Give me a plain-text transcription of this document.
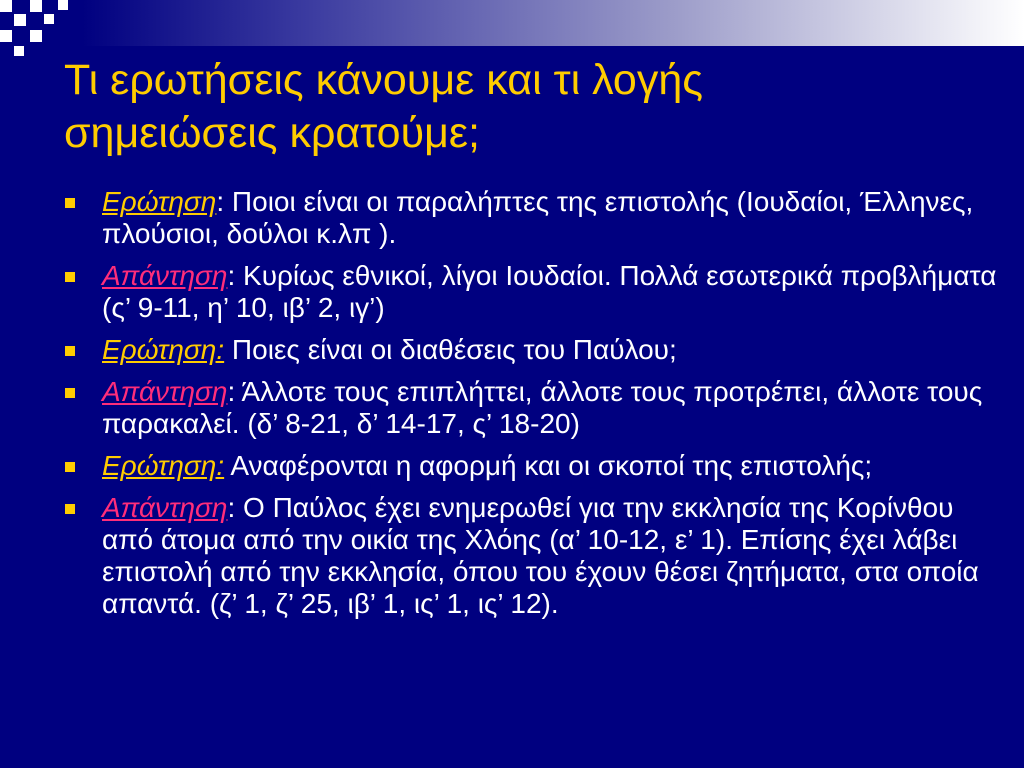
Τι ερωτήσεις κάνουμε και τι λογής
σημειώσεις κρατούμε;
Ερώτηση: Ποιοι είναι οι παραλήπτες της επιστολής (Ιουδαίοι, Έλληνες, πλούσιοι, δούλοι κ.λπ ).
Απάντηση: Κυρίως εθνικοί, λίγοι Ιουδαίοι. Πολλά εσωτερικά προβλήματα (ς’ 9-11, η’ 10, ιβ’ 2, ιγ’)
Ερώτηση: Ποιες είναι οι διαθέσεις του Παύλου;
Απάντηση: Άλλοτε τους επιπλήττει, άλλοτε τους προτρέπει, άλλοτε τους παρακαλεί. (δ’ 8-21, δ’ 14-17, ς’ 18-20)
Ερώτηση: Αναφέρονται η αφορμή και οι σκοποί της επιστολής;
Απάντηση: Ο Παύλος έχει ενημερωθεί για την εκκλησία της Κορίνθου από άτομα από την οικία της Χλόης (α’ 10-12, ε’ 1). Επίσης έχει λάβει επιστολή από την εκκλησία, όπου του έχουν θέσει ζητήματα, στα οποία απαντά. (ζ’ 1, ζ’ 25, ιβ’ 1, ις’ 1, ις’ 12).
